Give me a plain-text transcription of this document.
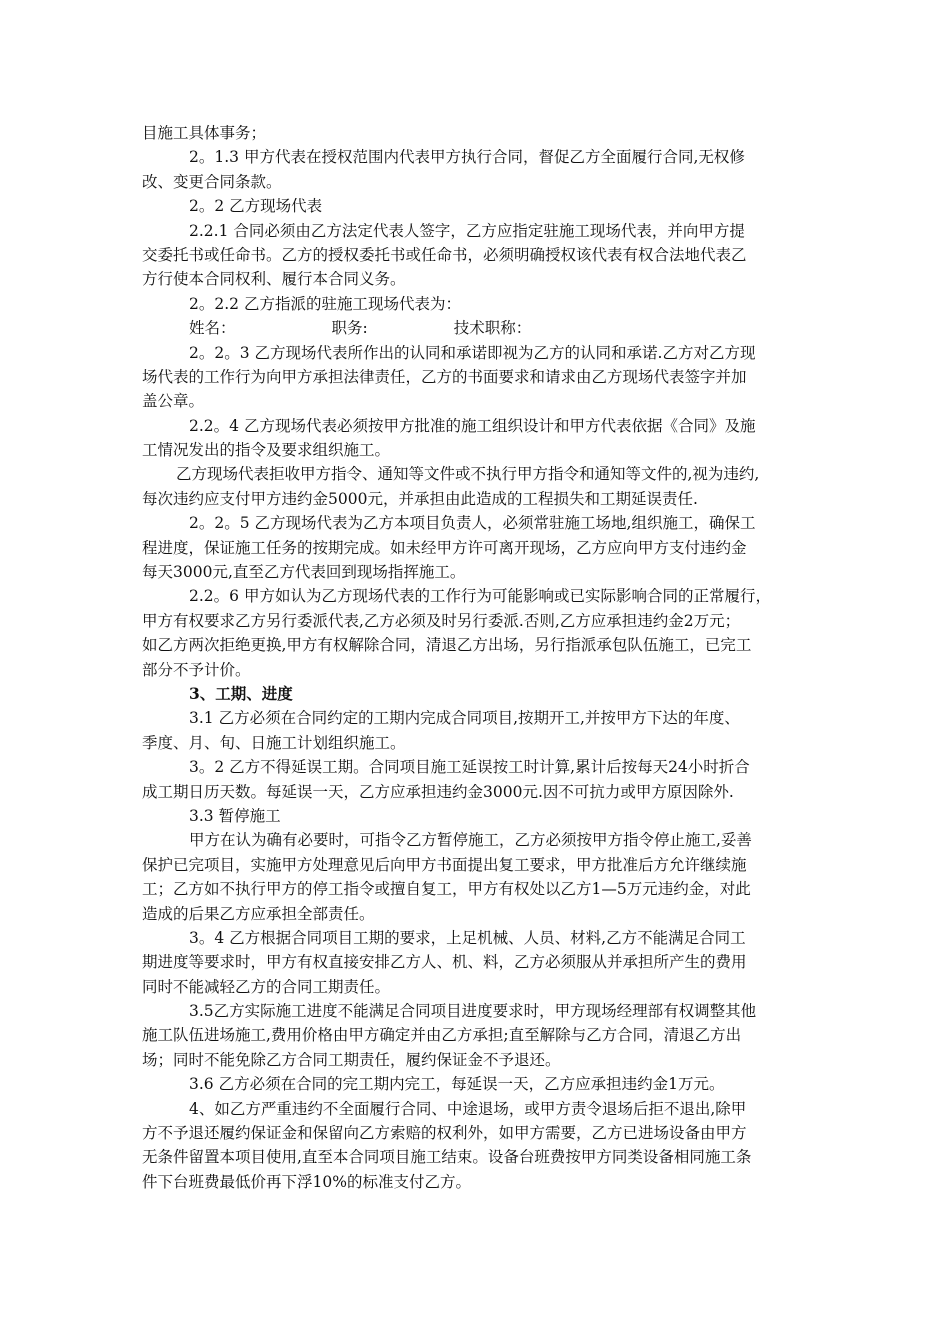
目施工具体事务；
2。1.3 甲方代表在授权范围内代表甲方执行合同，督促乙方全面履行合同,无权修
改、变更合同条款。
2。2 乙方现场代表
2.2.1 合同必须由乙方法定代表人签字，乙方应指定驻施工现场代表，并向甲方提
交委托书或任命书。乙方的授权委托书或任命书，必须明确授权该代表有权合法地代表乙
方行使本合同权利、履行本合同义务。
2。2.2 乙方指派的驻施工现场代表为：
姓名：	职务:	技术职称：
2。2。3 乙方现场代表所作出的认同和承诺即视为乙方的认同和承诺.乙方对乙方现
场代表的工作行为向甲方承担法律责任，乙方的书面要求和请求由乙方现场代表签字并加
盖公章。
2.2。4 乙方现场代表必须按甲方批准的施工组织设计和甲方代表依据《合同》及施
工情况发出的指令及要求组织施工。
乙方现场代表拒收甲方指令、通知等文件或不执行甲方指令和通知等文件的,视为违约,
每次违约应支付甲方违约金5000元，并承担由此造成的工程损失和工期延误责任.
2。2。5 乙方现场代表为乙方本项目负责人，必须常驻施工场地,组织施工，确保工
程进度，保证施工任务的按期完成。如未经甲方许可离开现场，乙方应向甲方支付违约金
每天3000元,直至乙方代表回到现场指挥施工。
2.2。6 甲方如认为乙方现场代表的工作行为可能影响或已实际影响合同的正常履行，
甲方有权要求乙方另行委派代表,乙方必须及时另行委派.否则,乙方应承担违约金2万元；
如乙方两次拒绝更换,甲方有权解除合同，清退乙方出场，另行指派承包队伍施工，已完工
部分不予计价。
3、工期、进度
3.1 乙方必须在合同约定的工期内完成合同项目,按期开工,并按甲方下达的年度、
季度、月、旬、日施工计划组织施工。
3。2 乙方不得延误工期。合同项目施工延误按工时计算,累计后按每天24小时折合
成工期日历天数。每延误一天，乙方应承担违约金3000元.因不可抗力或甲方原因除外.
3.3 暂停施工
甲方在认为确有必要时，可指令乙方暂停施工，乙方必须按甲方指令停止施工,妥善
保护已完项目，实施甲方处理意见后向甲方书面提出复工要求，甲方批准后方允许继续施
工；乙方如不执行甲方的停工指令或擅自复工，甲方有权处以乙方1—5万元违约金，对此
造成的后果乙方应承担全部责任。
3。4 乙方根据合同项目工期的要求，上足机械、人员、材料,乙方不能满足合同工
期进度等要求时，甲方有权直接安排乙方人、机、料，乙方必须服从并承担所产生的费用
同时不能减轻乙方的合同工期责任。
3.5乙方实际施工进度不能满足合同项目进度要求时，甲方现场经理部有权调整其他
施工队伍进场施工,费用价格由甲方确定并由乙方承担;直至解除与乙方合同，清退乙方出
场；同时不能免除乙方合同工期责任，履约保证金不予退还。
3.6 乙方必须在合同的完工期内完工，每延误一天，乙方应承担违约金1万元。
4、如乙方严重违约不全面履行合同、中途退场，或甲方责令退场后拒不退出,除甲
方不予退还履约保证金和保留向乙方索赔的权利外，如甲方需要，乙方已进场设备由甲方
无条件留置本项目使用,直至本合同项目施工结束。设备台班费按甲方同类设备相同施工条
件下台班费最低价再下浮10%的标准支付乙方。
